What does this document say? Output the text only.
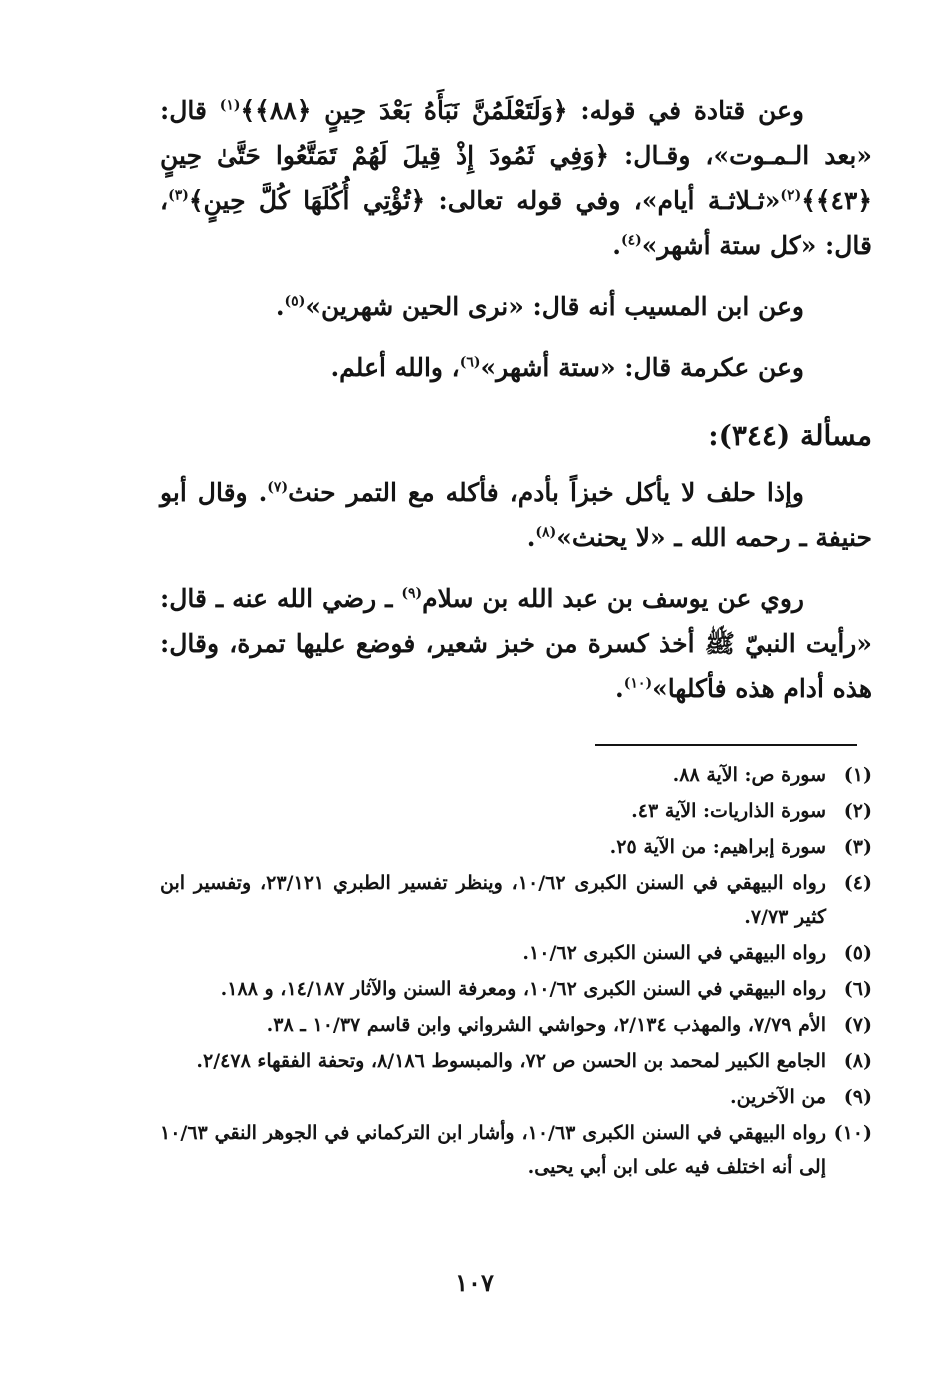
وعن قتادة في قوله: ﴿وَلَتَعْلَمُنَّ نَبَأَهُ بَعْدَ حِينٍ ﴿٨٨﴾﴾$^{(١)}$ قال: «بعد الـمـوت»، وقـال: ﴿وَفِي ثَمُودَ إِذْ قِيلَ لَهُمْ تَمَتَّعُوا حَتَّىٰ حِينٍ ﴿٤٣﴾﴾$^{(٢)}$«ثـلاثـة أيام»، وفي قوله تعالى: ﴿تُؤْتِي أُكُلَهَا كُلَّ حِينٍ﴾$^{(٣)}$، قال: «كل ستة أشهر»$^{(٤)}$.

وعن ابن المسيب أنه قال: «نرى الحين شهرين»$^{(٥)}$.

وعن عكرمة قال: «ستة أشهر»$^{(٦)}$، والله أعلم.

مسألة (٣٤٤):

وإذا حلف لا يأكل خبزاً بأدم، فأكله مع التمر حنث$^{(٧)}$. وقال أبو حنيفة ـ رحمه الله ـ «لا يحنث»$^{(٨)}$.

روي عن يوسف بن عبد الله بن سلام$^{(٩)}$ ـ رضي الله عنه ـ قال: «رأيت النبيّ ﷺ أخذ كسرة من خبز شعير، فوضع عليها تمرة، وقال: هذه أدام هذه فأكلها»$^{(١٠)}$.

(١)
سورة ص: الآية ٨٨.
(٢)
سورة الذاريات: الآية ٤٣.
(٣)
سورة إبراهيم: من الآية ٢٥.
(٤)
رواه البيهقي في السنن الكبرى ١٠/٦٢، وينظر تفسير الطبري ٢٣/١٢١، وتفسير ابن كثير ٧/٧٣.
(٥)
رواه البيهقي في السنن الكبرى ١٠/٦٢.
(٦)
رواه البيهقي في السنن الكبرى ١٠/٦٢، ومعرفة السنن والآثار ١٤/١٨٧، و ١٨٨.
(٧)
الأم ٧/٧٩، والمهذب ٢/١٣٤، وحواشي الشرواني وابن قاسم ١٠/٣٧ ـ ٣٨.
(٨)
الجامع الكبير لمحمد بن الحسن ص ٧٢، والمبسوط ٨/١٨٦، وتحفة الفقهاء ٢/٤٧٨.
(٩)
من الآخرين.
(١٠)
رواه البيهقي في السنن الكبرى ١٠/٦٣، وأشار ابن التركماني في الجوهر النقي ١٠/٦٣ إلى أنه اختلف فيه على ابن أبي يحيى.
١٠٧
